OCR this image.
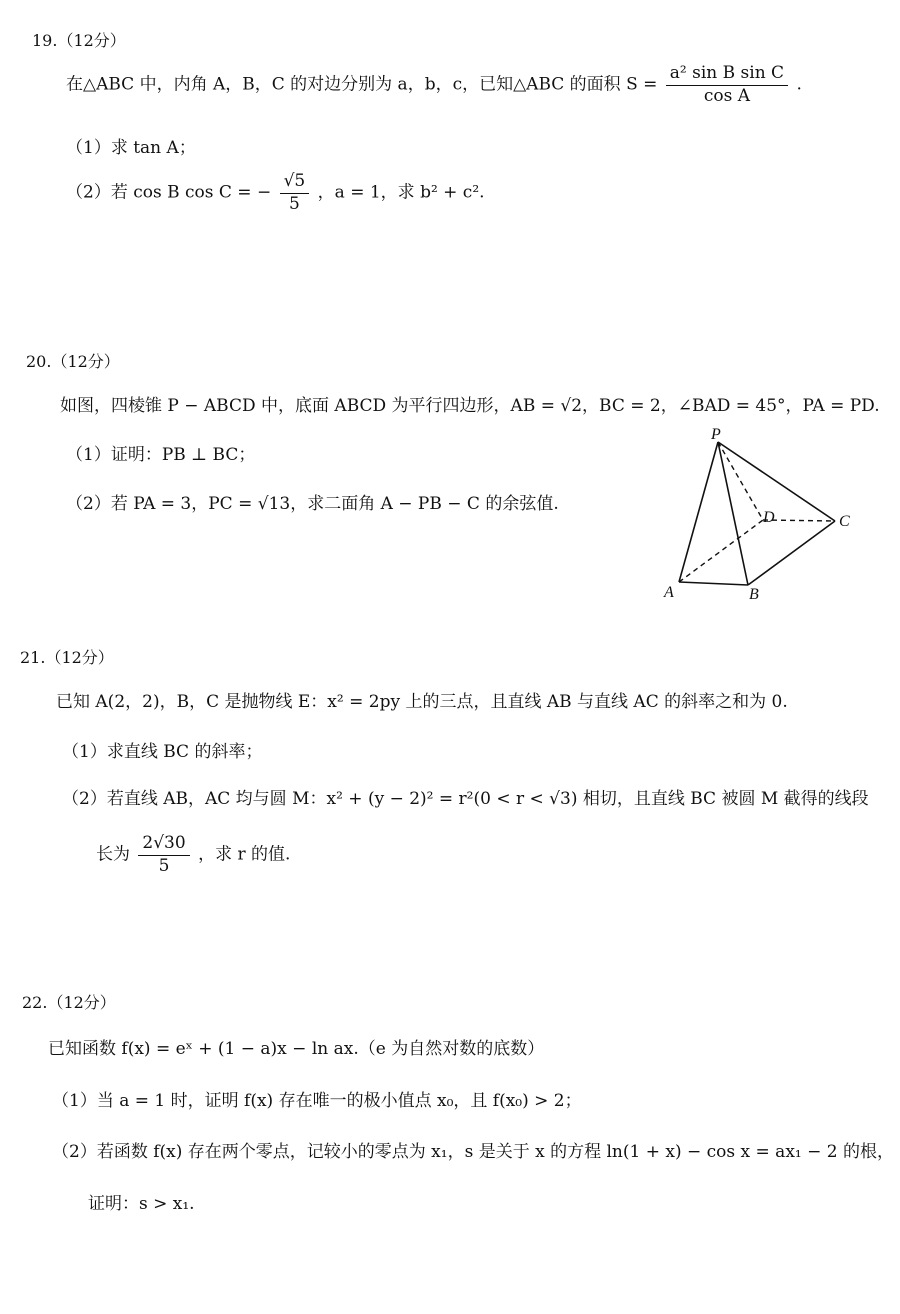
19.（12分）
在△ABC 中，内角 A，B，C 的对边分别为 a，b，c，已知△ABC 的面积 $S = \frac{\text{a² sin B sin C}}{\text{cos A}}$ .
（1）求 tan A；
（2）若 cos B cos C = − $\frac{√5}{5}$ ，a = 1，求 b² + c².
20.（12分）
如图，四棱锥 P − ABCD 中，底面 ABCD 为平行四边形，AB = √2，BC = 2，∠BAD = 45°，PA = PD.
（1）证明：PB ⊥ BC；
（2）若 PA = 3，PC = √13，求二面角 A − PB − C 的余弦值.
P
A	B
C
D
21.（12分）
已知 A(2，2)，B，C 是抛物线 E：x² = 2py 上的三点，且直线 AB 与直线 AC 的斜率之和为 0.
（1）求直线 BC 的斜率；
（2）若直线 AB，AC 均与圆 M：x² + (y − 2)² = r²(0 < r < √3) 相切，且直线 BC 被圆 M 截得的线段
长为 $\frac{2√30}{5}$ ，求 r 的值.
22.（12分）
已知函数 f(x) = eˣ + (1 − a)x − ln ax.（e 为自然对数的底数）
（1）当 a = 1 时，证明 f(x) 存在唯一的极小值点 x₀，且 f(x₀) > 2；
（2）若函数 f(x) 存在两个零点，记较小的零点为 x₁，s 是关于 x 的方程 ln(1 + x) − cos x = ax₁ − 2 的根，
证明：s > x₁.
